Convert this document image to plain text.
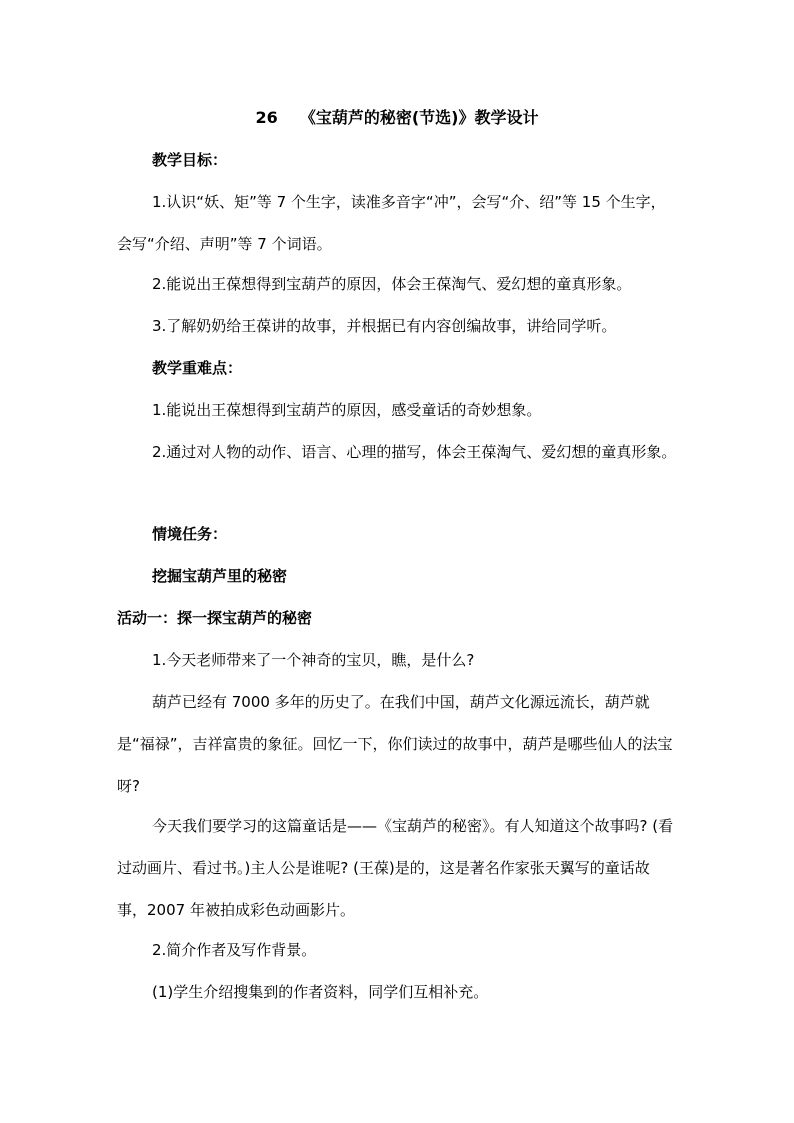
26 《宝葫芦的秘密(节选)》教学设计
教学目标：
1.认识“妖、矩”等 7 个生字，读准多音字“冲”，会写“介、绍”等 15 个生字，会写“介绍、声明”等 7 个词语。
2.能说出王葆想得到宝葫芦的原因，体会王葆淘气、爱幻想的童真形象。
3.了解奶奶给王葆讲的故事，并根据已有内容创编故事，讲给同学听。
教学重难点：
1.能说出王葆想得到宝葫芦的原因，感受童话的奇妙想象。
2.通过对人物的动作、语言、心理的描写，体会王葆淘气、爱幻想的童真形象。
情境任务：
挖掘宝葫芦里的秘密
活动一：探一探宝葫芦的秘密
1.今天老师带来了一个神奇的宝贝，瞧，是什么?
葫芦已经有 7000 多年的历史了。在我们中国，葫芦文化源远流长，葫芦就是“福禄”，吉祥富贵的象征。回忆一下，你们读过的故事中，葫芦是哪些仙人的法宝呀?
今天我们要学习的这篇童话是——《宝葫芦的秘密》。有人知道这个故事吗? (看过动画片、看过书。)主人公是谁呢? (王葆)是的，这是著名作家张天翼写的童话故事，2007 年被拍成彩色动画影片。
2.简介作者及写作背景。
(1)学生介绍搜集到的作者资料，同学们互相补充。
